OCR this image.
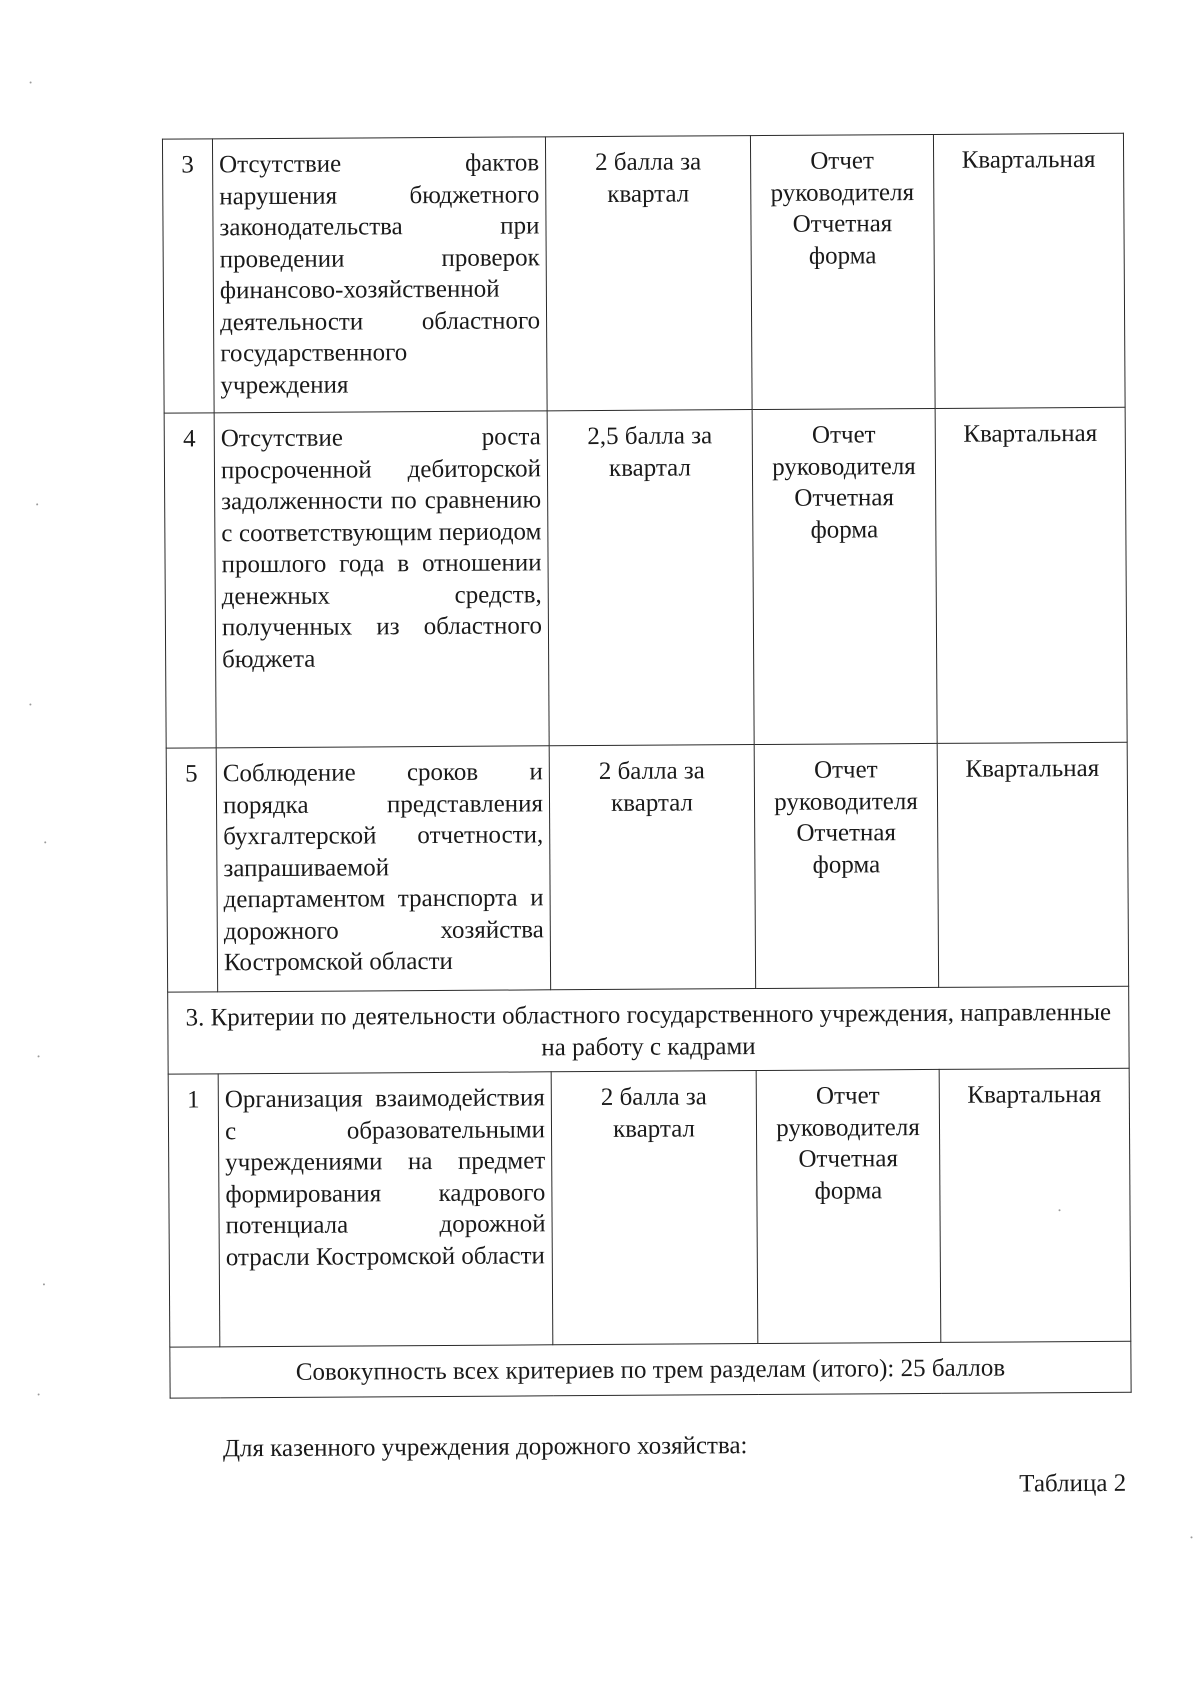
3	Отсутствие фактов нарушения бюджетного законодательства при проведении проверок финансово-хозяйственной деятельности областного государственного учреждения	2 балла за квартал	Отчет руководителя Отчетная форма	Квартальная
4	Отсутствие роста просроченной дебиторской задолженности по сравнению с соответствующим периодом прошлого года в отношении денежных средств, полученных из областного бюджета	2,5 балла за квартал	Отчет руководителя Отчетная форма	Квартальная
5	Соблюдение сроков и порядка представления бухгалтерской отчетности, запрашиваемой департаментом транспорта и дорожного хозяйства Костромской области	2 балла за квартал	Отчет руководителя Отчетная форма	Квартальная
3. Критерии по деятельности областного государственного учреждения, направленные на работу с кадрами				
1	Организация взаимодействия с образовательными учреждениями на предмет формирования кадрового потенциала дорожной отрасли Костромской области	2 балла за квартал	Отчет руководителя Отчетная форма	Квартальная
Совокупность всех критериев по трем разделам (итого): 25 баллов				

Для казенного учреждения дорожного хозяйства:

Таблица 2
